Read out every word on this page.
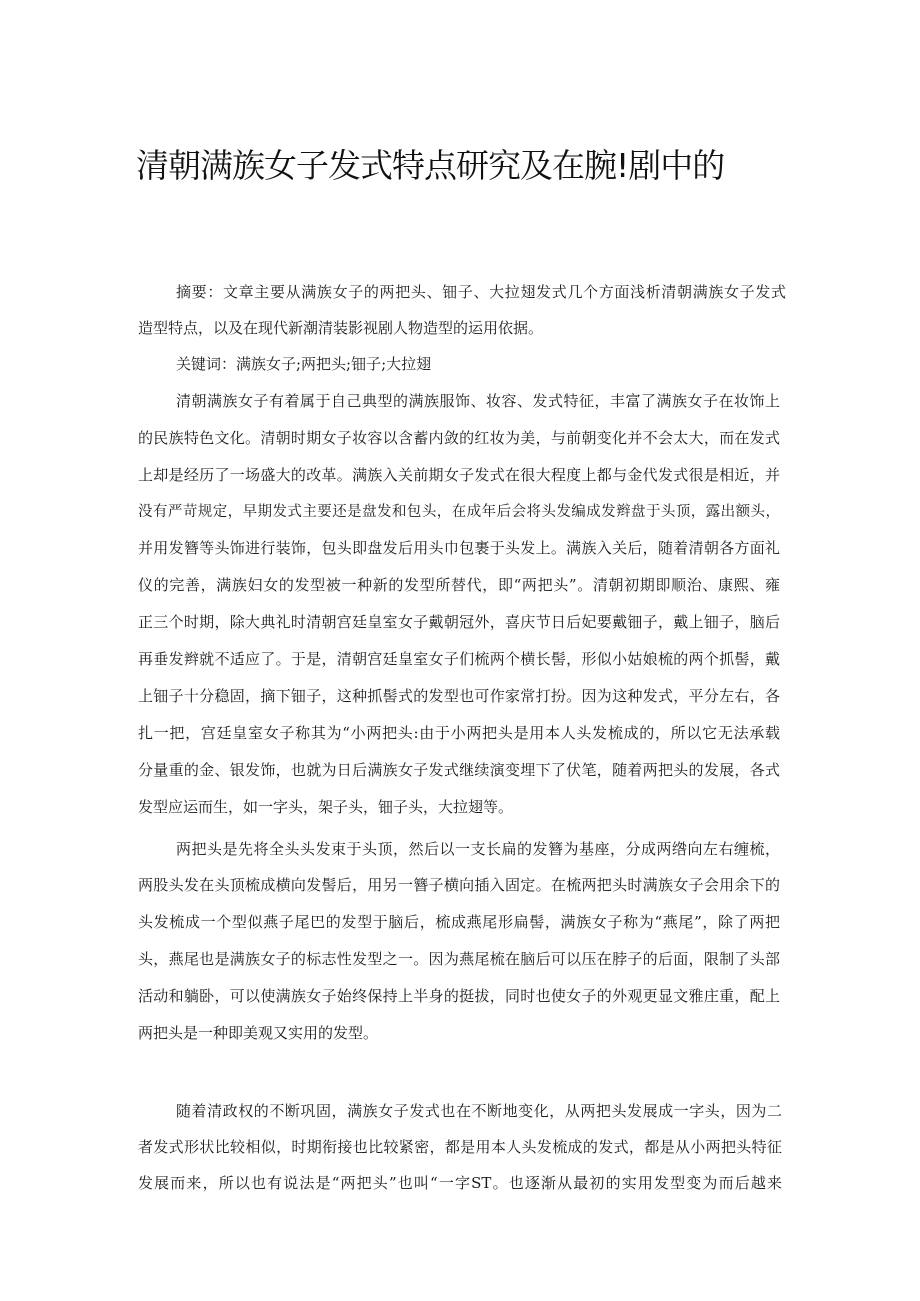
清朝满族女子发式特点研究及在腕!剧中的
摘要：文章主要从满族女子的两把头、钿子、大拉翅发式几个方面浅析清朝满族女子发式
造型特点，以及在现代新潮清装影视剧人物造型的运用依据。
关键词：满族女子;两把头;钿子;大拉翅
清朝满族女子有着属于自己典型的满族服饰、妆容、发式特征，丰富了满族女子在妆饰上
的民族特色文化。清朝时期女子妆容以含蓄内敛的红妆为美，与前朝变化并不会太大，而在发式
上却是经历了一场盛大的改革。满族入关前期女子发式在很大程度上都与金代发式很是相近，并
没有严苛规定，早期发式主要还是盘发和包头，在成年后会将头发编成发辫盘于头顶，露出额头，
并用发簪等头饰进行装饰，包头即盘发后用头巾包裹于头发上。满族入关后，随着清朝各方面礼
仪的完善，满族妇女的发型被一种新的发型所替代，即“两把头”。清朝初期即顺治、康熙、雍
正三个时期，除大典礼时清朝宫廷皇室女子戴朝冠外，喜庆节日后妃要戴钿子，戴上钿子，脑后
再垂发辫就不适应了。于是，清朝宫廷皇室女子们梳两个横长髻，形似小姑娘梳的两个抓髻，戴
上钿子十分稳固，摘下钿子，这种抓髻式的发型也可作家常打扮。因为这种发式，平分左右，各
扎一把，宫廷皇室女子称其为“小两把头:由于小两把头是用本人头发梳成的，所以它无法承载
分量重的金、银发饰，也就为日后满族女子发式继续演变埋下了伏笔，随着两把头的发展，各式
发型应运而生，如一字头，架子头，钿子头，大拉翅等。
两把头是先将全头头发束于头顶，然后以一支长扁的发簪为基座，分成两绺向左右缠梳，
两股头发在头顶梳成横向发髻后，用另一簪子横向插入固定。在梳两把头时满族女子会用余下的
头发梳成一个型似燕子尾巴的发型于脑后，梳成燕尾形扁髻，满族女子称为“燕尾”，除了两把
头，燕尾也是满族女子的标志性发型之一。因为燕尾梳在脑后可以压在脖子的后面，限制了头部
活动和躺卧，可以使满族女子始终保持上半身的挺拔，同时也使女子的外观更显文雅庄重，配上
两把头是一种即美观又实用的发型。
随着清政权的不断巩固，满族女子发式也在不断地变化，从两把头发展成一字头，因为二
者发式形状比较相似，时期衔接也比较紧密，都是用本人头发梳成的发式，都是从小两把头特征
发展而来，所以也有说法是“两把头”也叫“一字ST。也逐渐从最初的实用发型变为而后越来
